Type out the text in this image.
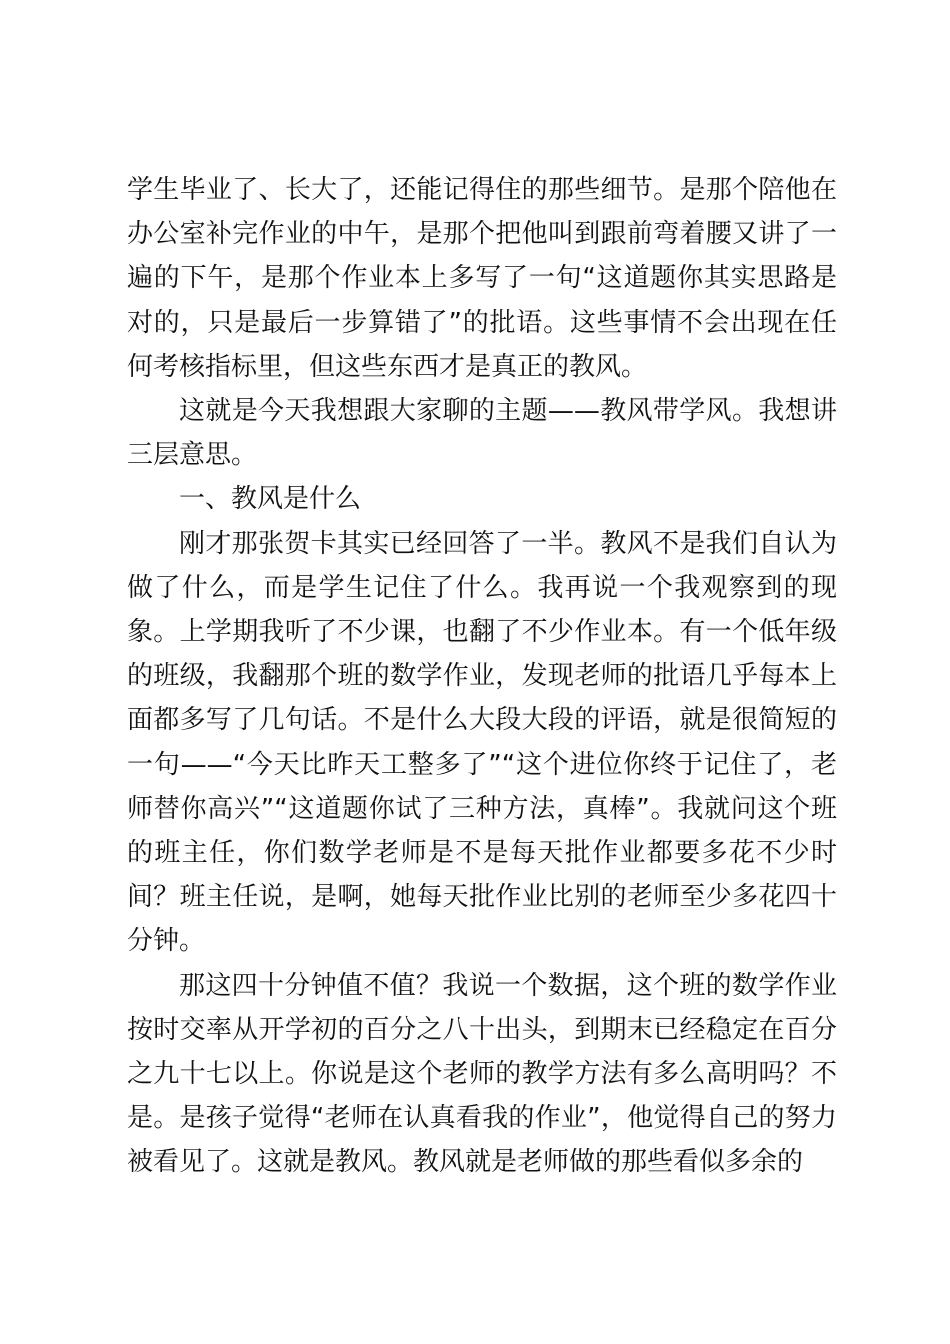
学生毕业了、长大了，还能记得住的那些细节。是那个陪他在办公室补完作业的中午，是那个把他叫到跟前弯着腰又讲了一遍的下午，是那个作业本上多写了一句“这道题你其实思路是对的，只是最后一步算错了”的批语。这些事情不会出现在任何考核指标里，但这些东西才是真正的教风。

这就是今天我想跟大家聊的主题——教风带学风。我想讲三层意思。

一、教风是什么

刚才那张贺卡其实已经回答了一半。教风不是我们自认为做了什么，而是学生记住了什么。我再说一个我观察到的现象。上学期我听了不少课，也翻了不少作业本。有一个低年级的班级，我翻那个班的数学作业，发现老师的批语几乎每本上面都多写了几句话。不是什么大段大段的评语，就是很简短的一句——“今天比昨天工整多了”“这个进位你终于记住了，老师替你高兴”“这道题你试了三种方法，真棒”。我就问这个班的班主任，你们数学老师是不是每天批作业都要多花不少时间？班主任说，是啊，她每天批作业比别的老师至少多花四十分钟。

那这四十分钟值不值？我说一个数据，这个班的数学作业按时交率从开学初的百分之八十出头，到期末已经稳定在百分之九十七以上。你说是这个老师的教学方法有多么高明吗？不是。是孩子觉得“老师在认真看我的作业”，他觉得自己的努力被看见了。这就是教风。教风就是老师做的那些看似多余的
